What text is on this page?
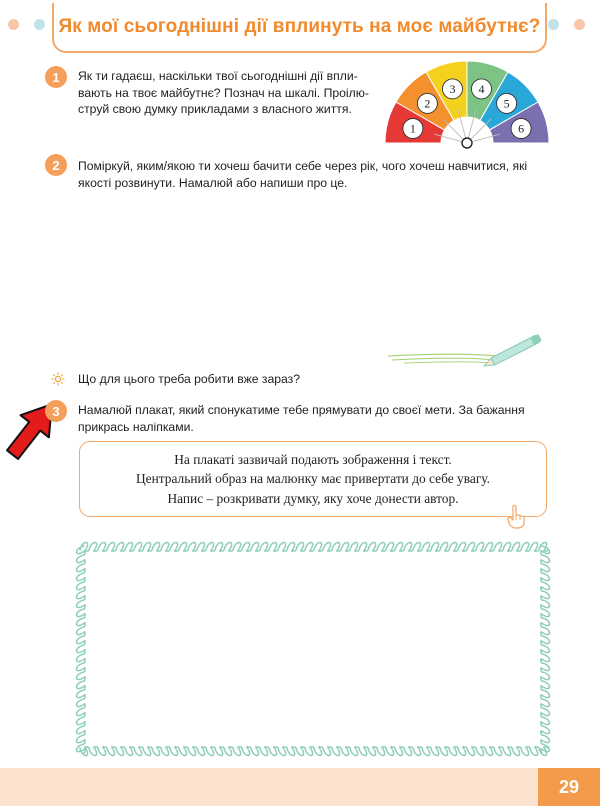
Як мої сьогоднішні дії вплинуть на моє майбутнє?
1	Як ти гадаєш, наскільки твої сьогоднішні дії впли-
вають на твоє майбутнє? Познач на шкалі. Проілю-
струй свою думку прикладами з власного життя.
1
2
3 4
5
6
2	Поміркуй, яким/якою ти хочеш бачити себе через рік, чого хочеш навчитися, які
якості розвинути. Намалюй або напиши про це.
Що для цього треба робити вже зараз?
3	Намалюй плакат, який спонукатиме тебе прямувати до своєї мети. За бажання
прикрась наліпками.
На плакаті зазвичай подають зображення і текст.
Центральний образ на малюнку має привертати до себе увагу.
Напис – розкривати думку, яку хоче донести автор.
29
